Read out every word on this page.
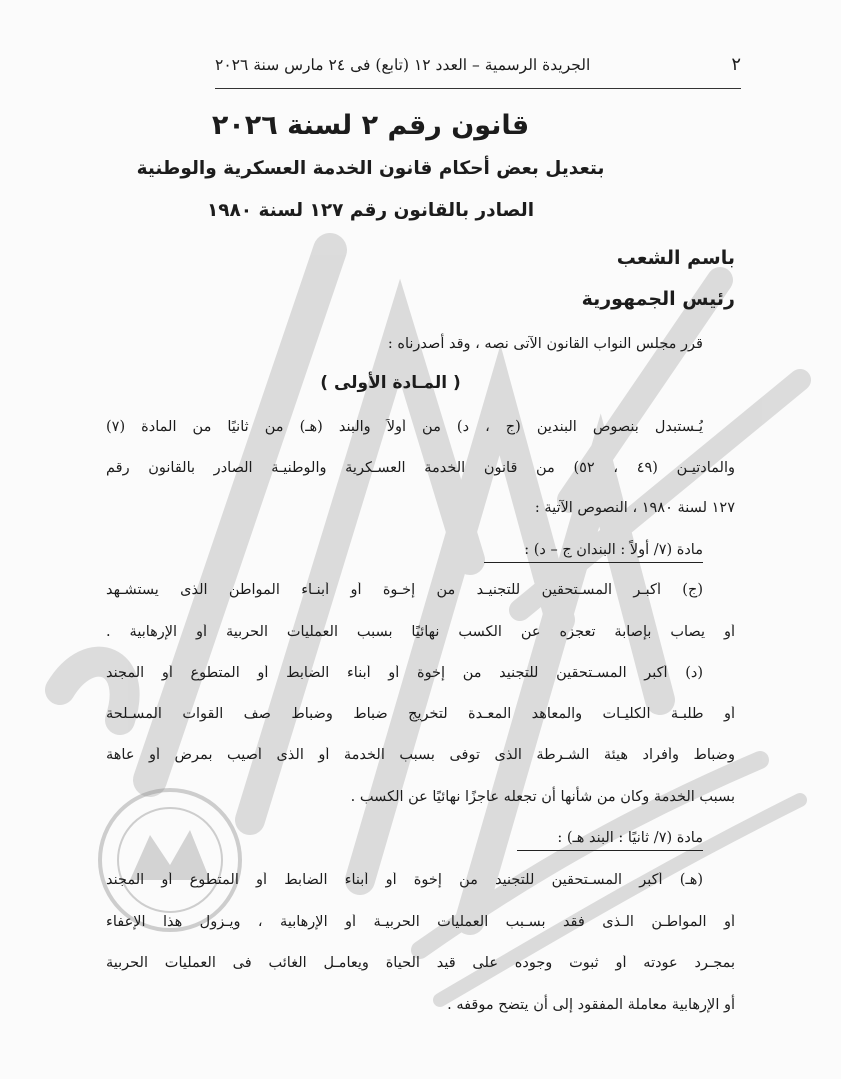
٢
الجريدة الرسمية – العدد ١٢ (تابع) فى ٢٤ مارس سنة ٢٠٢٦
قانون رقم ٢ لسنة ٢٠٢٦
بتعديل بعض أحكام قانون الخدمة العسكرية والوطنية
الصادر بالقانون رقم ١٢٧ لسنة ١٩٨٠
باسم الشعب
رئيس الجمهورية
قرر مجلس النواب القانون الآتى نصه ، وقد أصدرناه :
( المـادة الأولى )
يُـستبدل بنصوص البندين (ج ، د) من أولاً والبند (هـ) من ثانيًا من المادة (٧)
والمادتيـن (٤٩ ، ٥٢) من قانون الخدمة العسـكرية والوطنيـة الصادر بالقانون رقم
١٢٧ لسنة ١٩٨٠ ، النصوص الآتية :
مادة (٧/ أولاً : البندان ج – د) :
(ج) أكبـر المسـتحقين للتجنيـد من إخـوة أو أبنـاء المواطن الذى يستشـهد
أو يصاب بإصابة تعجزه عن الكسب نهائيًا بسبب العمليات الحربية أو الإرهابية .
(د) أكبر المسـتحقين للتجنيد من إخوة أو أبناء الضابط أو المتطوع أو المجند
أو طلبـة الكليـات والمعاهد المعـدة لتخريج ضباط وضباط صف القوات المسـلحة
وضباط وأفراد هيئة الشـرطة الذى توفى بسبب الخدمة أو الذى أصيب بمرض أو عاهة
بسبب الخدمة وكان من شأنها أن تجعله عاجزًا نهائيًا عن الكسب .
مادة (٧/ ثانيًا : البند هـ) :
(هـ) أكبر المسـتحقين للتجنيد من إخوة أو أبناء الضابط أو المتطوع أو المجند
أو المواطـن الـذى فقد بسـبب العمليات الحربيـة أو الإرهابية ، ويـزول هذا الإعفاء
بمجـرد عودته أو ثبوت وجوده على قيد الحياة ويعامـل الغائب فى العمليات الحربية
أو الإرهابية معاملة المفقود إلى أن يتضح موقفه .
